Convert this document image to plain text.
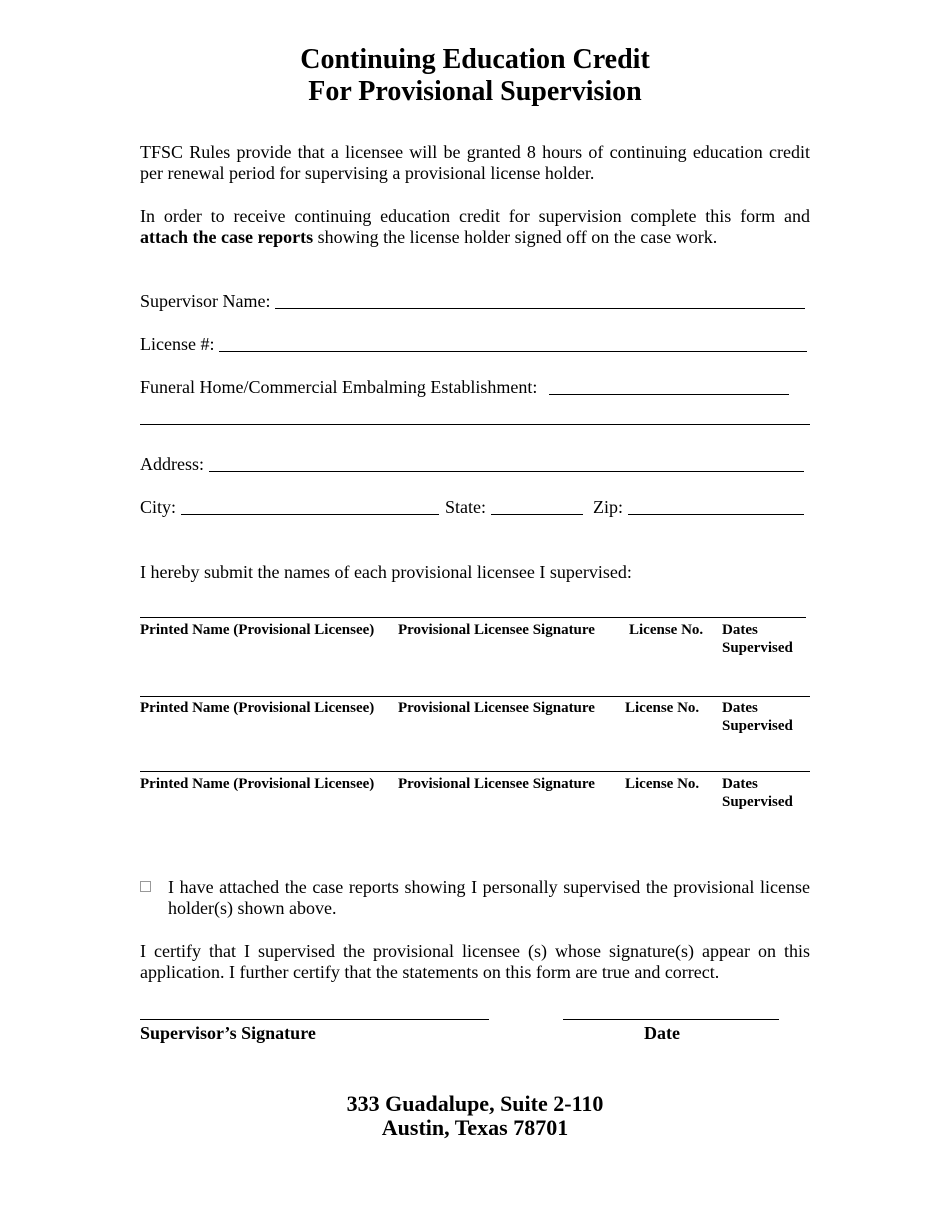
Continuing Education Credit
For Provisional Supervision
TFSC Rules provide that a licensee will be granted 8 hours of continuing education credit per renewal period for supervising a provisional license holder.
In order to receive continuing education credit for supervision complete this form and attach the case reports showing the license holder signed off on the case work.
Supervisor Name:
License #:
Funeral Home/Commercial Embalming Establishment:
Address:
City:	State:	Zip:
I hereby submit the names of each provisional licensee I supervised:
Printed Name (Provisional Licensee) Provisional Licensee Signature License No. Dates
Supervised
Printed Name (Provisional Licensee) Provisional Licensee Signature License No. Dates
Supervised
Printed Name (Provisional Licensee) Provisional Licensee Signature License No. Dates
Supervised
I have attached the case reports showing I personally supervised the provisional license holder(s) shown above.
I certify that I supervised the provisional licensee (s) whose signature(s) appear on this application. I further certify that the statements on this form are true and correct.
Supervisor’s Signature	Date
333 Guadalupe, Suite 2-110
Austin, Texas 78701
